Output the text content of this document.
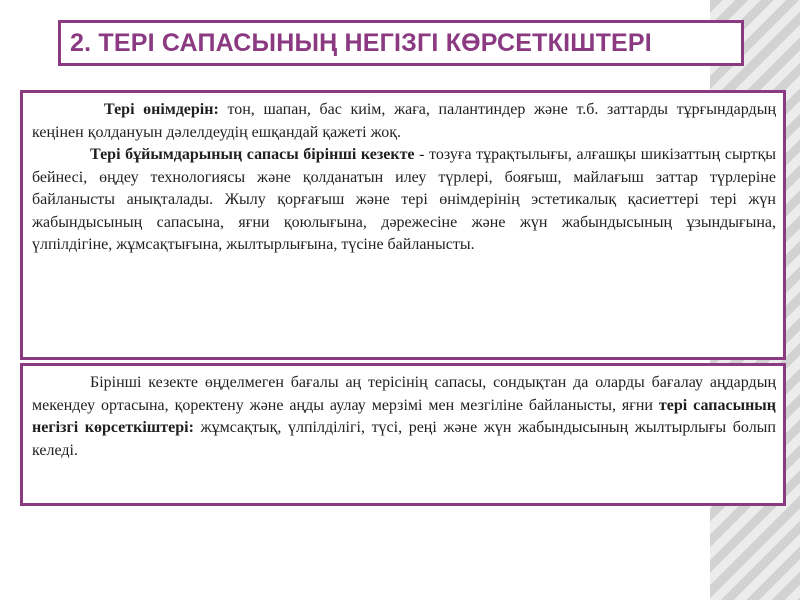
2. ТЕРІ САПАСЫНЫҢ НЕГІЗГІ КӨРСЕТКІШТЕРІ

Тері өнімдерін: тон, шапан, бас киім, жаға, палантиндер және т.б. заттарды тұрғындардың кеңінен қолдануын дәлелдеудің ешқандай қажеті жоқ.

Тері бұйымдарының сапасы бірінші кезекте - тозуға тұрақтылығы, алғашқы шикізаттың сыртқы бейнесі, өңдеу технологиясы және қолданатын илеу түрлері, бояғыш, майлағыш заттар түрлеріне байланысты анықталады. Жылу қорғағыш және тері өнімдерінің эстетикалық қасиеттері тері жүн жабындысының сапасына, яғни қоюлығына, дәрежесіне және жүн жабындысының ұзындығына, үлпілдігіне, жұмсақтығына, жылтырлығына, түсіне байланысты.

Бірінші кезекте өңделмеген бағалы аң терісінің сапасы, сондықтан да оларды бағалау аңдардың мекендеу ортасына, қоректену және аңды аулау мерзімі мен мезгіліне байланысты, яғни тері сапасының негізгі көрсеткіштері: жұмсақтық, үлпілділігі, түсі, реңі және жүн жабындысының жылтырлығы болып келеді.
